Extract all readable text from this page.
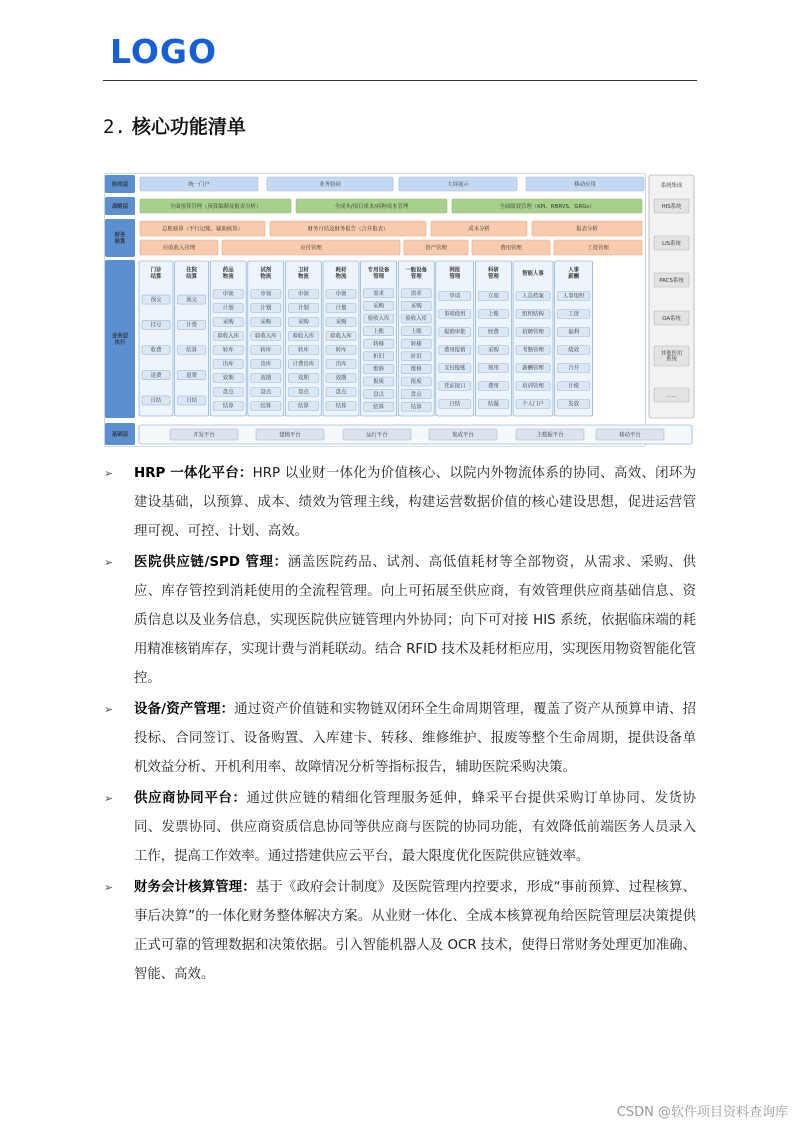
LOGO
2. 核心功能清单
协同层	统一门户	业务协同	大屏展示	移动应用
战略层	全面预算管理（预算编制及报表分析）	全成本/项目成本/病种成本管理	全面绩效管理（KPI、RBRVS、GRGs）
财务核算
总账核算（平行记账、辅助核算）	财务月结及财务报告（合并报表）	成本分析	报表分析
应收收入管理	应付管理	资产管理	费用管理	工资管理
业务层执行
门诊结算
预交
挂号
收费
退费
日结
住院结算
预交
计费
结算
退费
日结
药品物流
申领
计划
采购
验收入库
转库
出库
效期
盘点
结算
试剂物流
申领
计划
采购
验收入库
转库
出库
效期
盘点
结算
卫材物流
申领
计划
采购
验收入库
转库
计费出库
效期
盘点
结算
耗材物流
申领
计划
采购
验收入库
转库
出库
效期
盘点
结算
专用设备管理
需求
采购
验收入库
上账
转移
折旧
维修
报废
盘点
结算
一般设备管理
需求
采购
验收入库
上账
转移
折旧
维修
报废
盘点
结算
网报管理
申请
事项使用
报销审批
费用报销
支付报账
凭证接口
日结
科研管理
立项
上账
经费
采购
领用
费用
结题
智能人事
人员档案
组织结构
招聘管理
考勤管理
薪酬管理
培训管理
个人门户
人事薪酬
人事组织
工资
福利
绩效
合并
计税
发放
基础层	开发平台	建模平台	运行平台	集成平台	主数据平台	移动平台
系统集成
HIS系统
LIS系统
PACS系统
OA系统
其他医用系统
……
➢ HRP 一体化平台：HRP 以业财一体化为价值核心、以院内外物流体系的协同、高效、闭环为建设基础，以预算、成本、绩效为管理主线，构建运营数据价值的核心建设思想，促进运营管理可视、可控、计划、高效。
➢ 医院供应链/SPD 管理：涵盖医院药品、试剂、高低值耗材等全部物资，从需求、采购、供应、库存管控到消耗使用的全流程管理。向上可拓展至供应商，有效管理供应商基础信息、资质信息以及业务信息，实现医院供应链管理内外协同；向下可对接 HIS 系统，依据临床端的耗用精准核销库存，实现计费与消耗联动。结合 RFID 技术及耗材柜应用，实现医用物资智能化管控。
➢ 设备/资产管理：通过资产价值链和实物链双闭环全生命周期管理，覆盖了资产从预算申请、招投标、合同签订、设备购置、入库建卡、转移、维修维护、报废等整个生命周期，提供设备单机效益分析、开机利用率、故障情况分析等指标报告，辅助医院采购决策。
➢ 供应商协同平台：通过供应链的精细化管理服务延伸，蜂采平台提供采购订单协同、发货协同、发票协同、供应商资质信息协同等供应商与医院的协同功能，有效降低前端医务人员录入工作，提高工作效率。通过搭建供应云平台，最大限度优化医院供应链效率。
➢ 财务会计核算管理：基于《政府会计制度》及医院管理内控要求，形成“事前预算、过程核算、事后决算”的一体化财务整体解决方案。从业财一体化、全成本核算视角给医院管理层决策提供正式可靠的管理数据和决策依据。引入智能机器人及 OCR 技术，使得日常财务处理更加准确、智能、高效。
CSDN @软件项目资料查询库
